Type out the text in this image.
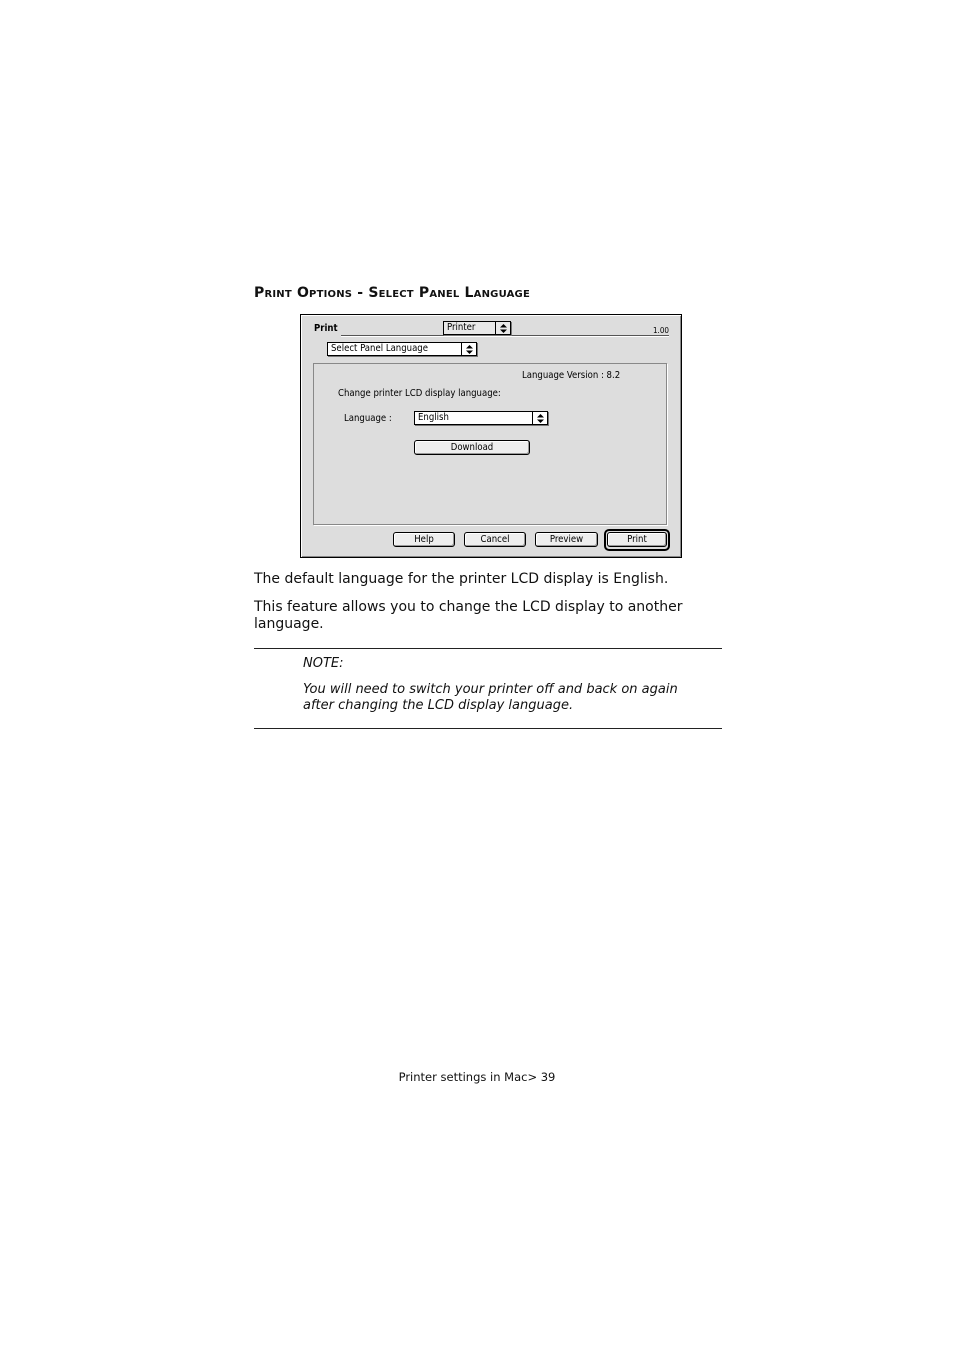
Print Options - Select Panel Language
Print	1.00
Printer
Select Panel Language
Language Version : 8.2
Change printer LCD display language:
Language :	English
Download
Help	Cancel	Preview	Print
The default language for the printer LCD display is English.
This feature allows you to change the LCD display to another language.
NOTE:
You will need to switch your printer off and back on again after changing the LCD display language.
Printer settings in Mac> 39
